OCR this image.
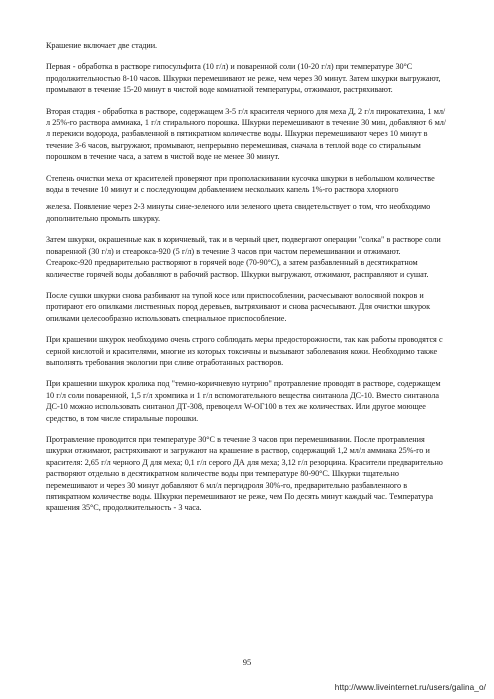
Крашение включает две стадии.

Первая - обработка в растворе гипосульфита (10 г/л) и поваренной соли (10-20 г/л) при температуре 30°С продолжительностью 8-10 часов. Шкурки перемешивают не реже, чем через 30 минут. Затем шкурки выгружают, промывают в течение 15-20 минут в чистой воде комнатной температуры, отжимают, растряхивают.

Вторая стадия - обработка в растворе, содержащем 3-5 г/л красителя черного для меха Д, 2 г/л пирокатехина, 1 мл/л 25%-го раствора аммиака, 1 г/л стирального порошка. Шкурки перемешивают в течение 30 мин, добавляют 6 мл/л перекиси водорода, разбавленной в пятикратном количестве воды. Шкурки перемешивают через 10 минут в течение 3-6 часов, выгружают, промывают, непрерывно перемешивая, сначала в теплой воде со стиральным порошком в течение часа, а затем в чистой воде не менее 30 минут.

Степень очистки меха от красителей проверяют при прополаскивании кусочка шкурки в небольшом количестве воды в течение 10 минут и с последующим добавлением нескольких капель 1%-го раствора хлорного

железа. Появление через 2-3 минуты сине-зеленого или зеленого цвета свидетельствует о том, что необходимо дополнительно промыть шкурку.

Затем шкурки, окрашенные как в коричневый, так и в черный цвет, подвергают операции "солка" в растворе соли поваренной (30 г/л) и стеарокса-920 (5 г/л) в течение 3 часов при частом перемешивании и отжимают. Стеарокс-920 предварительно растворяют в горячей воде (70-90°С), а затем разбавленный в десятикратном количестве горячей воды добавляют в рабочий раствор. Шкурки выгружают, отжимают, расправляют и сушат.

После сушки шкурки снова разбивают на тупой косе или приспособлении, расчесывают волосяной покров и протирают его опилками лиственных пород деревьев, вытряхивают и снова расчесывают. Для очистки шкурок опилками целесообразно использовать специальное приспособление.

При крашении шкурок необходимо очень строго соблюдать меры предосторожности, так как работы проводятся с серной кислотой и красителями, многие из которых токсичны и вызывают заболевания кожи. Необходимо также выполнять требования экологии при сливе отработанных растворов.

При крашении шкурок кролика под "темно-коричневую нутрию" протравление проводят в растворе, содержащем 10 г/л соли поваренной, 1,5 г/л хромпика и 1 г/л вспомогательного вещества синтанола ДС-10. Вместо синтанола ДС-10 можно использовать синтанол ДТ-308, превоцелл W-ОГ100 в тех же количествах. Или другое моющее средство, в том числе стиральные порошки.

Протравление проводится при температуре 30°С в течение 3 часов при перемешивании. После протравления шкурки отжимают, растряхивают и загружают на крашение в раствор, содержащий 1,2 мл/л аммиака 25%-го и красителя: 2,65 г/л черного Д для меха; 0,1 г/л серого ДА для меха; 3,12 г/л резорцина. Красители предварительно растворяют отдельно в десятикратном количестве воды при температуре 80-90°С. Шкурки тщательно перемешивают и через 30 минут добавляют 6 мл/л пергидроля 30%-го, предварительно разбавленного в пятикратном количестве воды. Шкурки перемешивают не реже, чем По десять минут каждый час. Температура крашения 35°С, продолжительность - 3 часа.

95
http://www.liveinternet.ru/users/galina_o/
